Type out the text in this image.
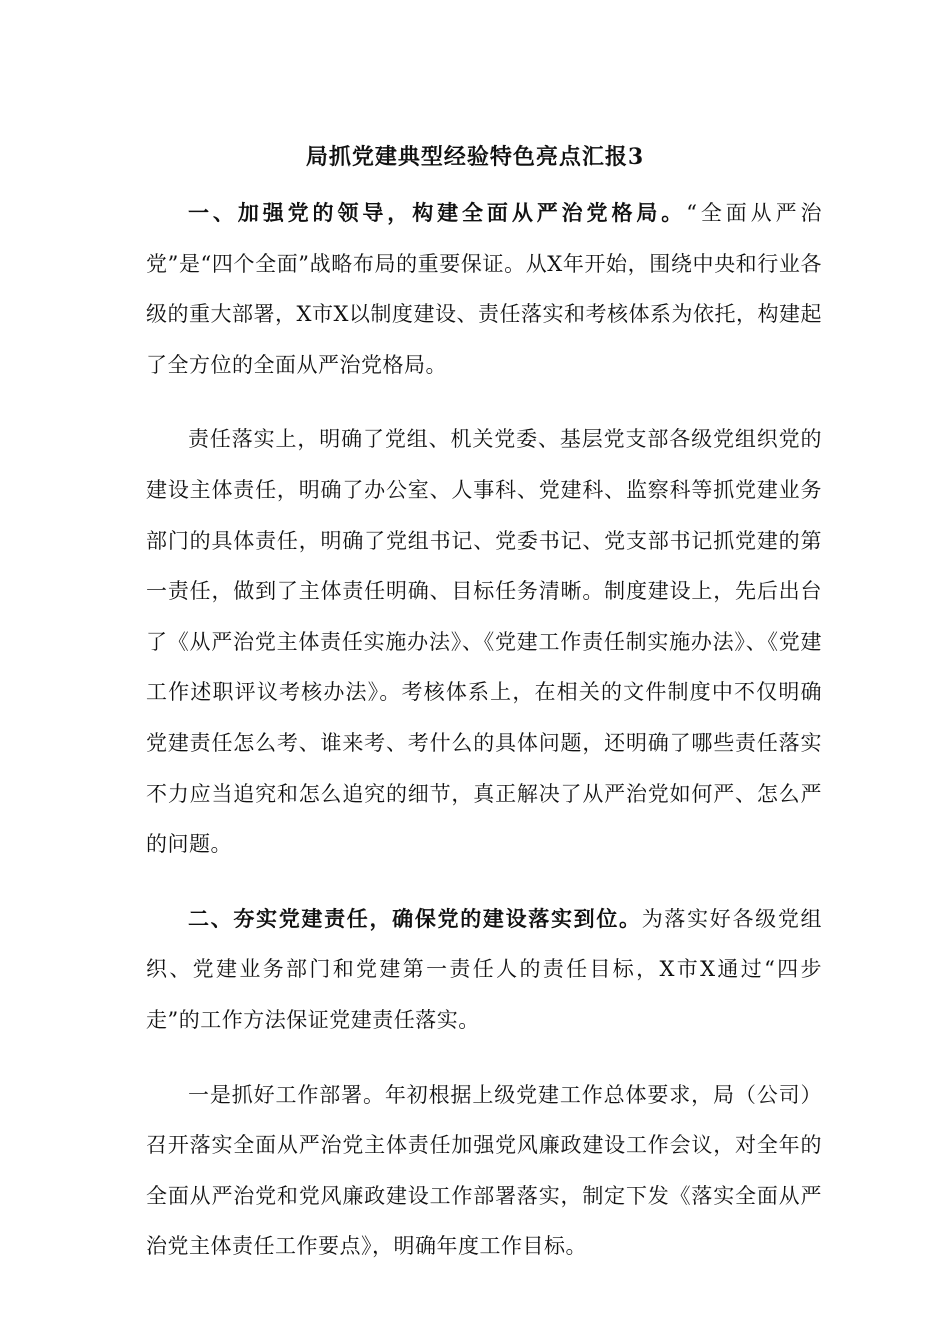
局抓党建典型经验特色亮点汇报3

一、加强党的领导，构建全面从严治党格局。“全面从严治党”是“四个全面”战略布局的重要保证。从X年开始，围绕中央和行业各级的重大部署，X市X以制度建设、责任落实和考核体系为依托，构建起了全方位的全面从严治党格局。

责任落实上，明确了党组、机关党委、基层党支部各级党组织党的建设主体责任，明确了办公室、人事科、党建科、监察科等抓党建业务部门的具体责任，明确了党组书记、党委书记、党支部书记抓党建的第一责任，做到了主体责任明确、目标任务清晰。制度建设上，先后出台了《从严治党主体责任实施办法》、《党建工作责任制实施办法》、《党建工作述职评议考核办法》。考核体系上，在相关的文件制度中不仅明确党建责任怎么考、谁来考、考什么的具体问题，还明确了哪些责任落实不力应当追究和怎么追究的细节，真正解决了从严治党如何严、怎么严的问题。

二、夯实党建责任，确保党的建设落实到位。为落实好各级党组织、党建业务部门和党建第一责任人的责任目标，X市X通过“四步走”的工作方法保证党建责任落实。

一是抓好工作部署。年初根据上级党建工作总体要求，局（公司）召开落实全面从严治党主体责任加强党风廉政建设工作会议，对全年的全面从严治党和党风廉政建设工作部署落实，制定下发《落实全面从严治党主体责任工作要点》，明确年度工作目标。
